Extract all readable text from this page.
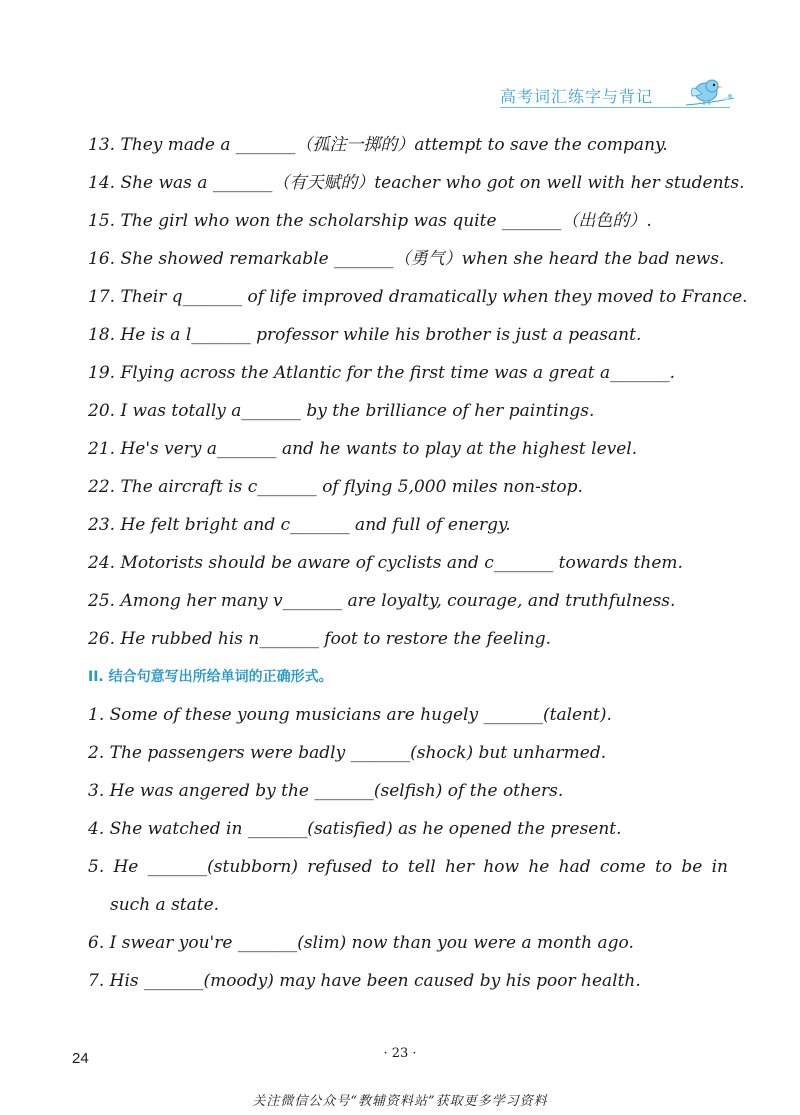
高考词汇练字与背记
13. They made a _______（孤注一掷的）attempt to save the company.
14. She was a _______（有天赋的）teacher who got on well with her students.
15. The girl who won the scholarship was quite _______（出色的）.
16. She showed remarkable _______（勇气）when she heard the bad news.
17. Their q_______ of life improved dramatically when they moved to France.
18. He is a l_______ professor while his brother is just a peasant.
19. Flying across the Atlantic for the first time was a great a_______.
20. I was totally a_______ by the brilliance of her paintings.
21. He's very a_______ and he wants to play at the highest level.
22. The aircraft is c_______ of flying 5,000 miles non-stop.
23. He felt bright and c_______ and full of energy.
24. Motorists should be aware of cyclists and c_______ towards them.
25. Among her many v_______ are loyalty, courage, and truthfulness.
26. He rubbed his n_______ foot to restore the feeling.
II. 结合句意写出所给单词的正确形式。
1. Some of these young musicians are hugely _______(talent).
2. The passengers were badly _______(shock) but unharmed.
3. He was angered by the _______(selfish) of the others.
4. She watched in _______(satisfied) as he opened the present.
5. He _______(stubborn) refused to tell her how he had come to be in
such a state.
6. I swear you're _______(slim) now than you were a month ago.
7. His _______(moody) may have been caused by his poor health.
24	· 23 ·
关注微信公众号“教辅资料站”获取更多学习资料
